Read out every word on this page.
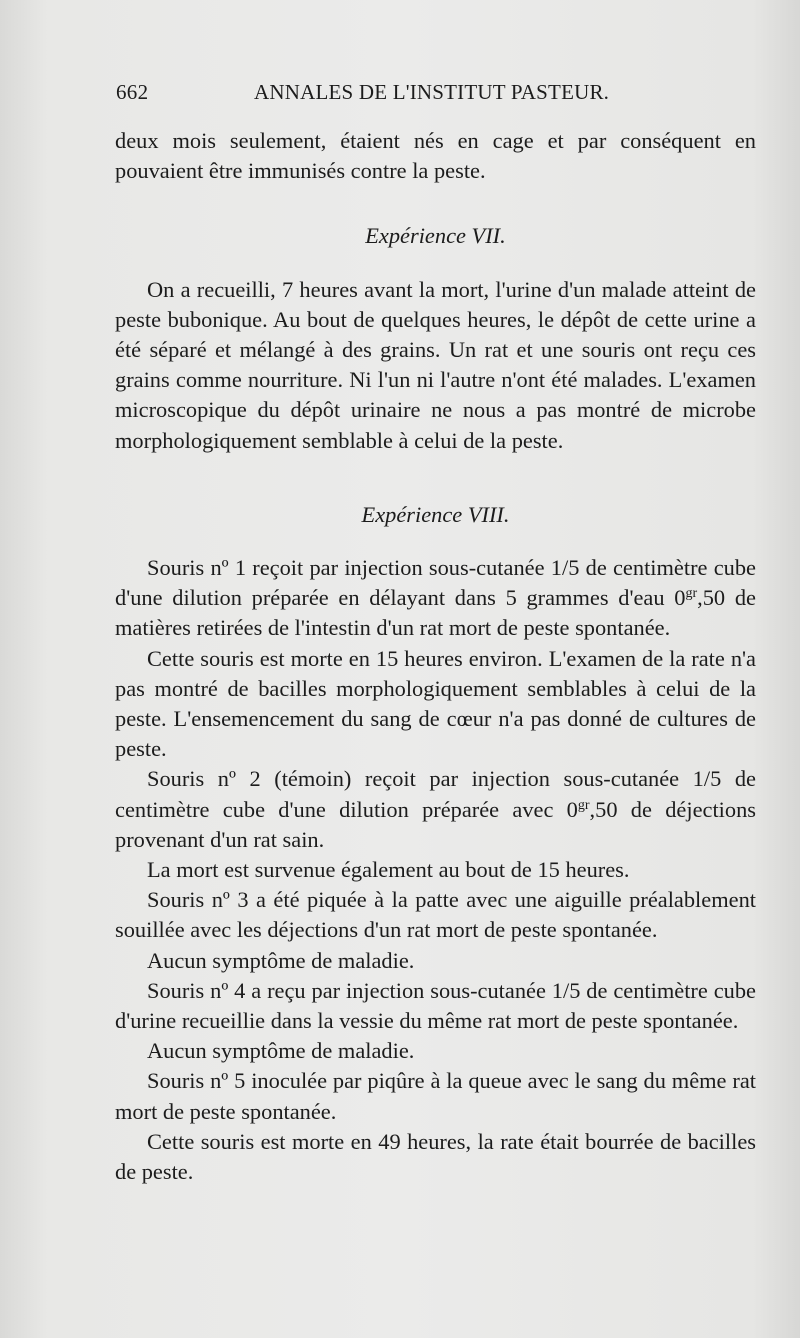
662	ANNALES DE L'INSTITUT PASTEUR.

deux mois seulement, étaient nés en cage et par conséquent en pouvaient être immunisés contre la peste.

Expérience VII.

On a recueilli, 7 heures avant la mort, l'urine d'un malade atteint de peste bubonique. Au bout de quelques heures, le dépôt de cette urine a été séparé et mélangé à des grains. Un rat et une souris ont reçu ces grains comme nourriture. Ni l'un ni l'autre n'ont été malades. L'examen microscopique du dépôt urinaire ne nous a pas montré de microbe morphologiquement semblable à celui de la peste.

Expérience VIII.

Souris nº 1 reçoit par injection sous-cutanée 1/5 de centimètre cube d'une dilution préparée en délayant dans 5 grammes d'eau $0^{gr},50$ de matières retirées de l'intestin d'un rat mort de peste spontanée.

Cette souris est morte en 15 heures environ. L'examen de la rate n'a pas montré de bacilles morphologiquement semblables à celui de la peste. L'ensemencement du sang de cœur n'a pas donné de cultures de peste.

Souris nº 2 (témoin) reçoit par injection sous-cutanée 1/5 de centimètre cube d'une dilution préparée avec $0^{gr},50$ de déjections provenant d'un rat sain.

La mort est survenue également au bout de 15 heures.

Souris nº 3 a été piquée à la patte avec une aiguille préalablement souillée avec les déjections d'un rat mort de peste spontanée.

Aucun symptôme de maladie.

Souris nº 4 a reçu par injection sous-cutanée 1/5 de centimètre cube d'urine recueillie dans la vessie du même rat mort de peste spontanée.

Aucun symptôme de maladie.

Souris nº 5 inoculée par piqûre à la queue avec le sang du même rat mort de peste spontanée.

Cette souris est morte en 49 heures, la rate était bourrée de bacilles de peste.
